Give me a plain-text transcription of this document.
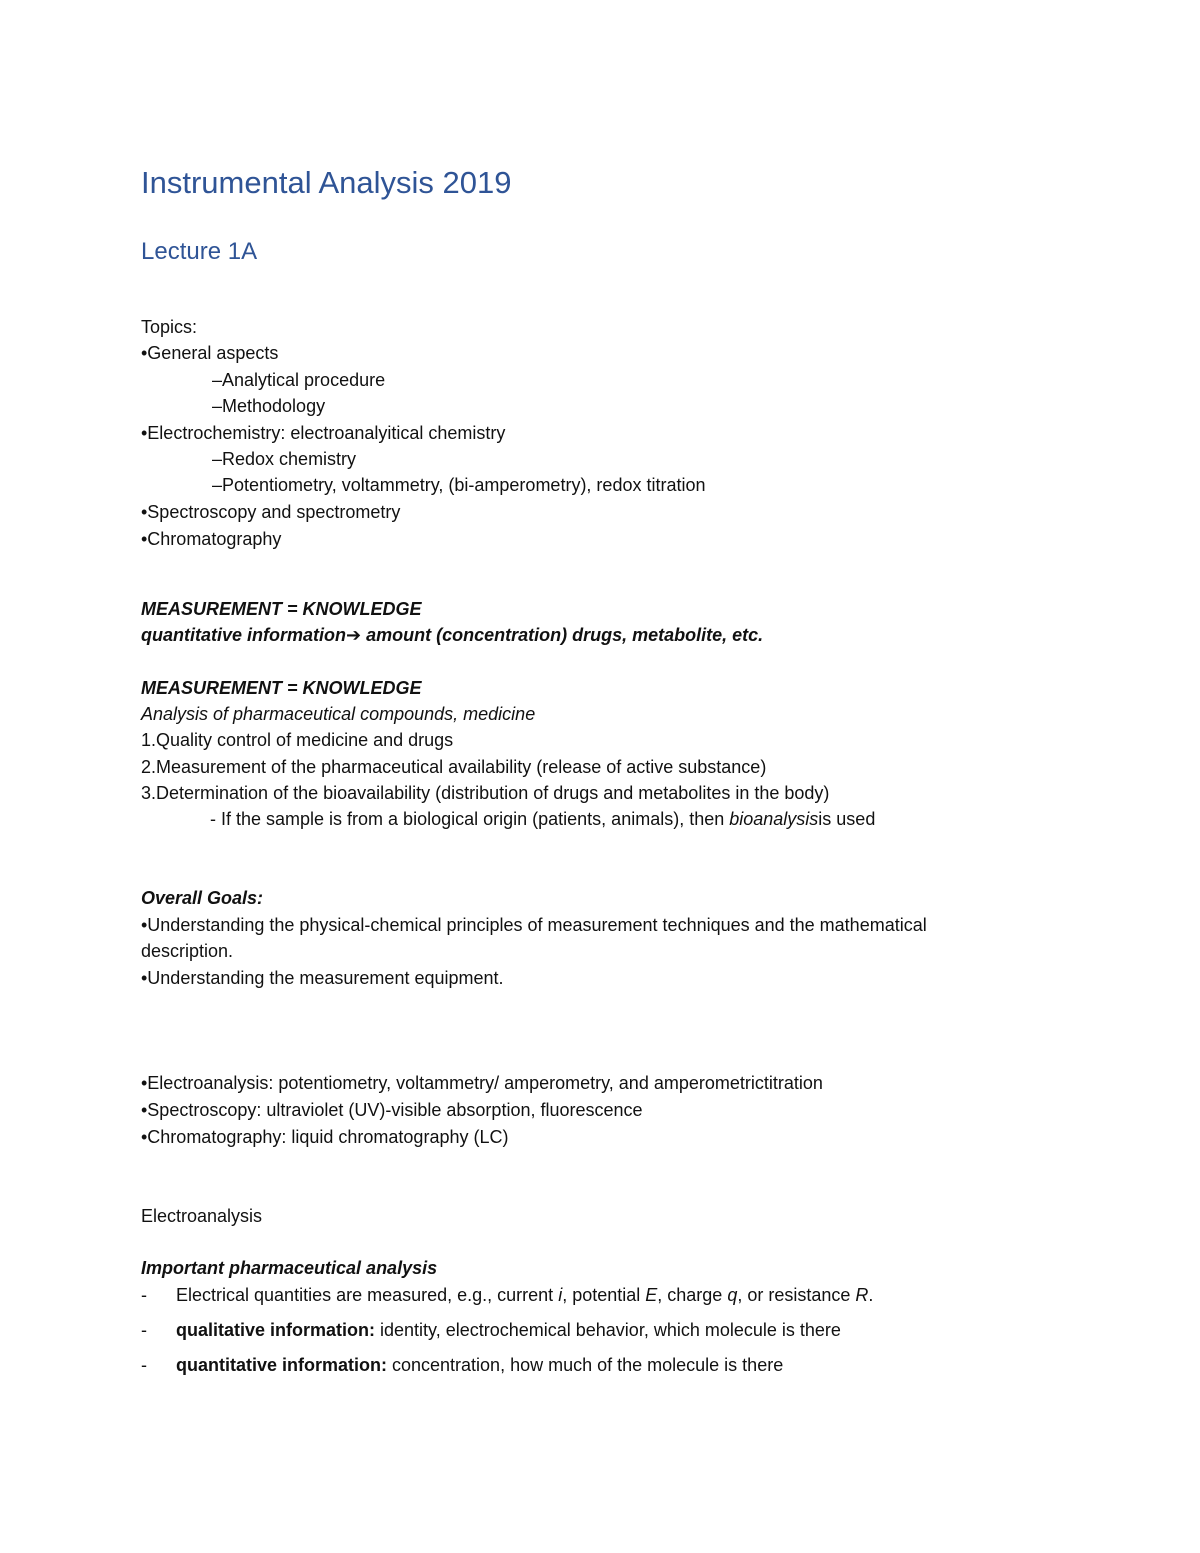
Instrumental Analysis 2019
Lecture 1A
Topics:
•General aspects
–Analytical procedure
–Methodology
•Electrochemistry: electroanalyitical chemistry
–Redox chemistry
–Potentiometry, voltammetry, (bi-amperometry), redox titration
•Spectroscopy and spectrometry
•Chromatography
MEASUREMENT = KNOWLEDGE
quantitative information➔ amount (concentration) drugs, metabolite, etc.
MEASUREMENT = KNOWLEDGE
Analysis of pharmaceutical compounds, medicine
1.Quality control of medicine and drugs
2.Measurement of the pharmaceutical availability (release of active substance)
3.Determination of the bioavailability (distribution of drugs and metabolites in the body)
- If the sample is from a biological origin (patients, animals), then bioanalysisis used
Overall Goals:
•Understanding the physical-chemical principles of measurement techniques and the mathematical
description.
•Understanding the measurement equipment.
•Electroanalysis: potentiometry, voltammetry/ amperometry, and amperometrictitration
•Spectroscopy: ultraviolet (UV)-visible absorption, fluorescence
•Chromatography: liquid chromatography (LC)
Electroanalysis
Important pharmaceutical analysis
- Electrical quantities are measured, e.g., current i, potential E, charge q, or resistance R.
- qualitative information: identity, electrochemical behavior, which molecule is there
- quantitative information: concentration, how much of the molecule is there
